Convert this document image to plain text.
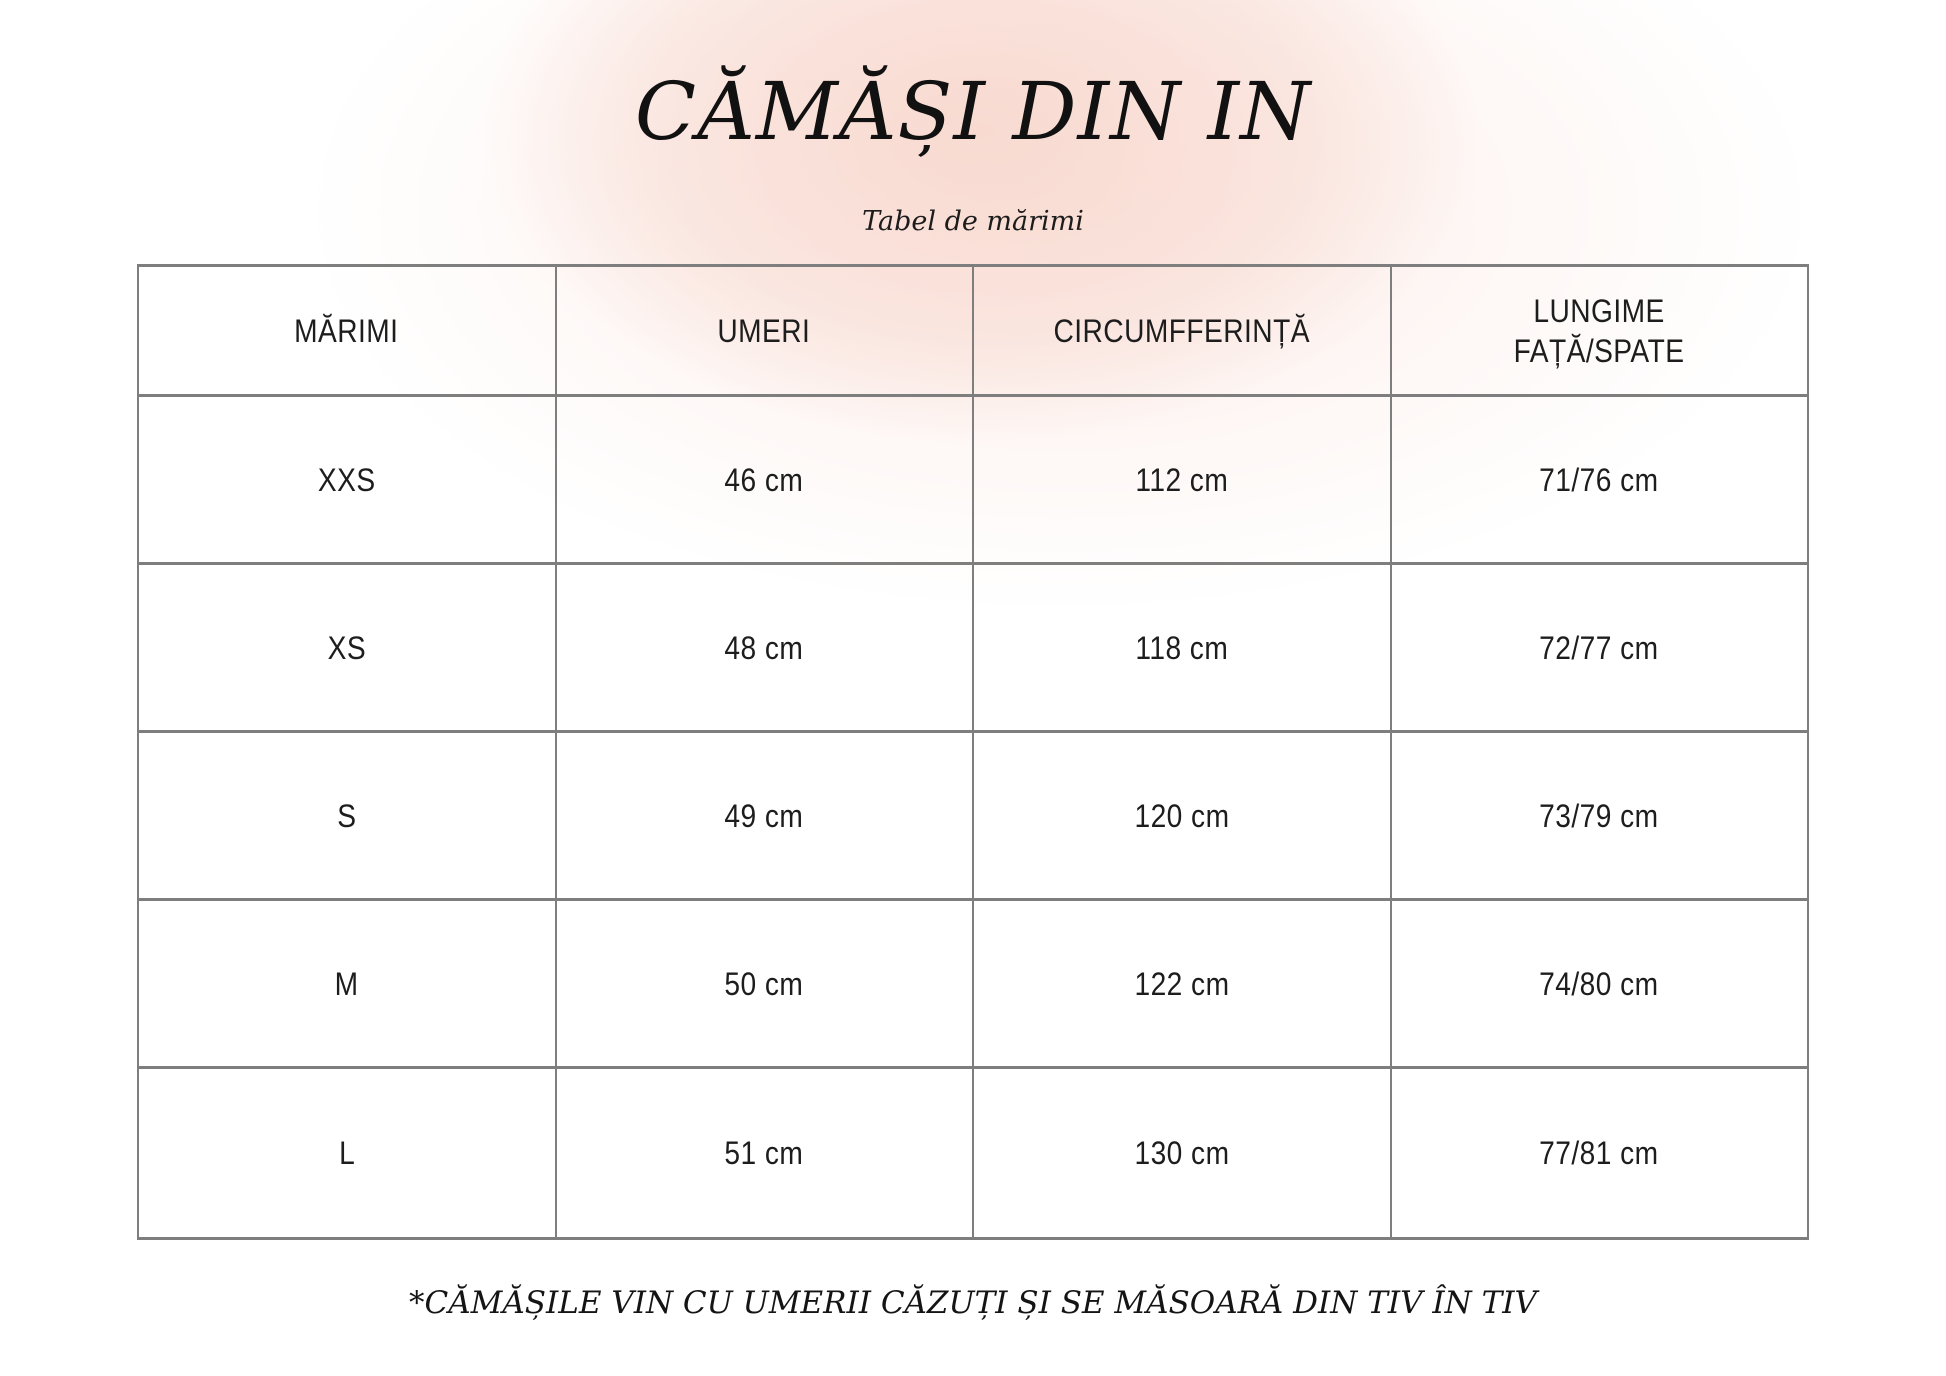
CĂMĂȘI DIN IN

Tabel de mărimi

MĂRIMI	UMERI	CIRCUMFFERINȚĂ	LUNGIME
FAȚĂ/SPATE
XXS	46 cm	112 cm	71/76 cm
XS	48 cm	118 cm	72/77 cm
S	49 cm	120 cm	73/79 cm
M	50 cm	122 cm	74/80 cm
L	51 cm	130 cm	77/81 cm

*CĂMĂȘILE VIN CU UMERII CĂZUȚI ȘI SE MĂSOARĂ DIN TIV ÎN TIV
